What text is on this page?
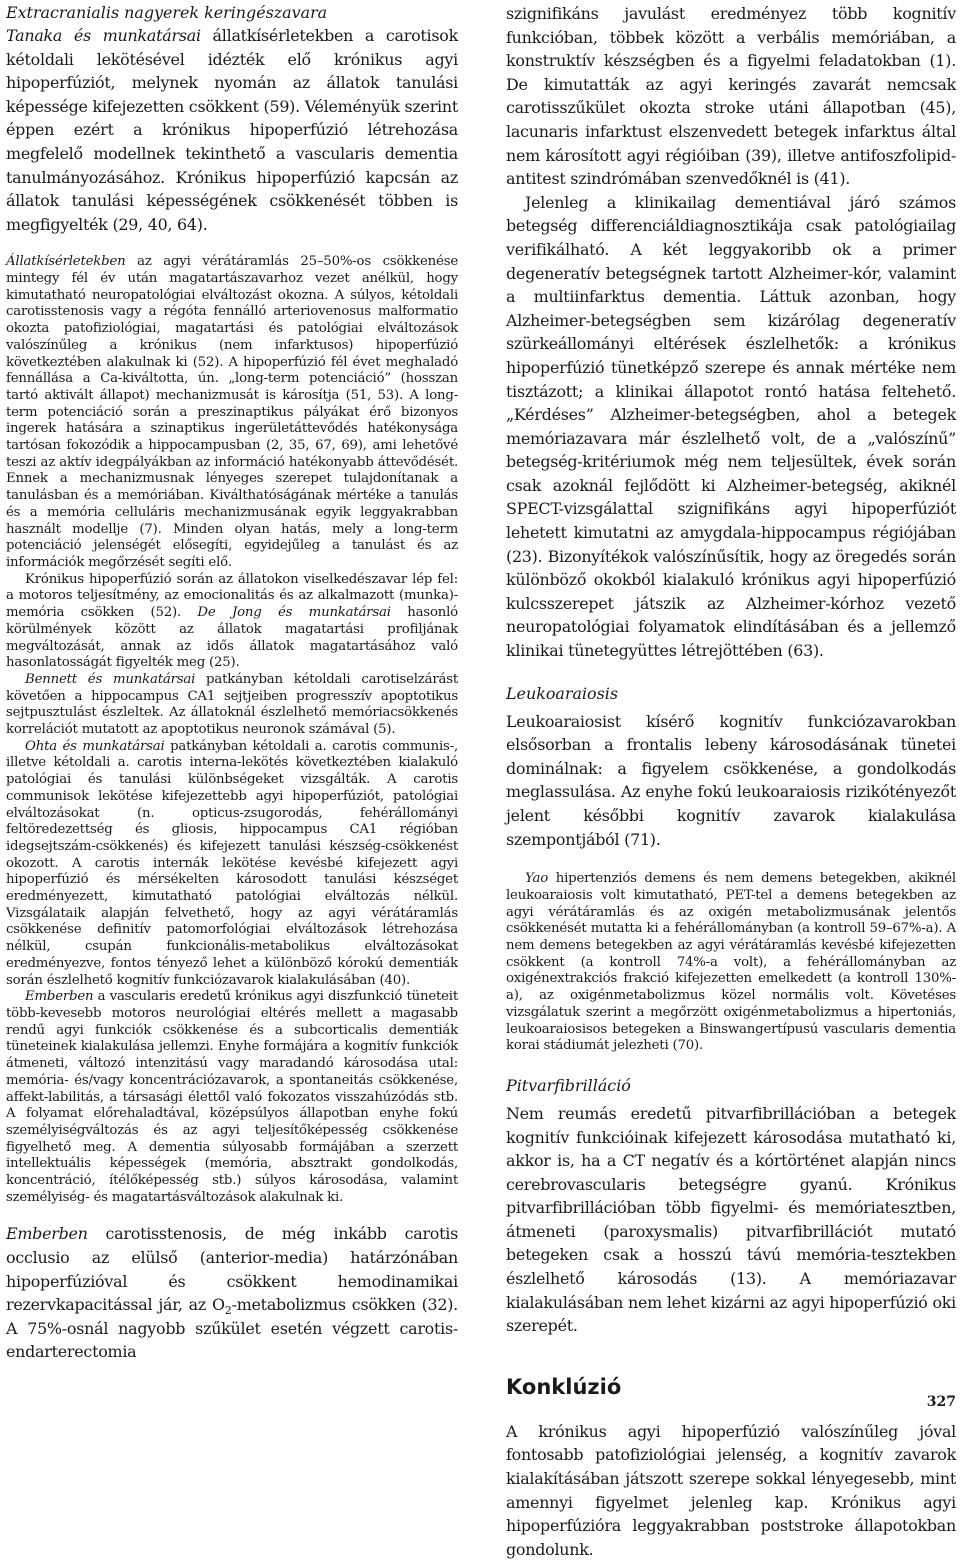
Extracranialis nagyerek keringészavara

Tanaka és munkatársai állatkísérletekben a carotisok kétoldali lekötésével idézték elő krónikus agyi hipoperfúziót, melynek nyomán az állatok tanulási képessége kifejezetten csökkent (59). Véleményük szerint éppen ezért a krónikus hipoperfúzió létrehozása megfelelő modellnek tekinthető a vascularis dementia tanulmányozásához. Krónikus hipoperfúzió kapcsán az állatok tanulási képességének csökkenését többen is megfigyelték (29, 40, 64).

Állatkísérletekben az agyi vérátáramlás 25–50%-os csökkenése mintegy fél év után magatartászavarhoz vezet anélkül, hogy kimutatható neuropatológiai elváltozást okozna. A súlyos, kétoldali carotisstenosis vagy a régóta fennálló arteriovenosus malformatio okozta patofiziológiai, magatartási és patológiai elváltozások valószínűleg a krónikus (nem infarktusos) hipoperfúzió következtében alakulnak ki (52). A hipoperfúzió fél évet meghaladó fennállása a Ca-kiváltotta, ún. „long-term potenciáció” (hosszan tartó aktivált állapot) mechanizmusát is károsítja (51, 53). A long-term potenciáció során a preszinaptikus pályákat érő bizonyos ingerek hatására a szinaptikus ingerületáttevődés hatékonysága tartósan fokozódik a hippocampusban (2, 35, 67, 69), ami lehetővé teszi az aktív idegpályákban az információ hatékonyabb áttevődését. Ennek a mechanizmusnak lényeges szerepet tulajdonítanak a tanulásban és a memóriában. Kiválthatóságának mértéke a tanulás és a memória celluláris mechanizmusának egyik leggyakrabban használt modellje (7). Minden olyan hatás, mely a long-term potenciáció jelenségét elősegíti, egyidejűleg a tanulást és az információk megőrzését segíti elő.

Krónikus hipoperfúzió során az állatokon viselkedészavar lép fel: a motoros teljesítmény, az emocionalitás és az alkalmazott (munka)-memória csökken (52). De Jong és munkatársai hasonló körülmények között az állatok magatartási profiljának megváltozását, annak az idős állatok magatartásához való hasonlatosságát figyelték meg (25).

Bennett és munkatársai patkányban kétoldali carotiselzárást követően a hippocampus CA1 sejtjeiben progresszív apoptotikus sejtpusztulást észleltek. Az állatoknál észlelhető memóriacsökkenés korrelációt mutatott az apoptotikus neuronok számával (5).

Ohta és munkatársai patkányban kétoldali a. carotis communis-, illetve kétoldali a. carotis interna-lekötés következtében kialakuló patológiai és tanulási különbségeket vizsgálták. A carotis communisok lekötése kifejezettebb agyi hipoperfúziót, patológiai elváltozásokat (n. opticus-zsugorodás, fehérállományi feltöredezettség és gliosis, hippocampus CA1 régióban idegsejtszám-csökkenés) és kifejezett tanulási készség-csökkenést okozott. A carotis internák lekötése kevésbé kifejezett agyi hipoperfúzió és mérsékelten károsodott tanulási készséget eredményezett, kimutatható patológiai elváltozás nélkül. Vizsgálataik alapján felvethető, hogy az agyi vérátáramlás csökkenése definitív patomorfológiai elváltozások létrehozása nélkül, csupán funkcionális-metabolikus elváltozásokat eredményezve, fontos tényező lehet a különböző kórokú dementiák során észlelhető kognitív funkciózavarok kialakulásában (40).

Emberben a vascularis eredetű krónikus agyi diszfunkció tüneteit több-kevesebb motoros neurológiai eltérés mellett a magasabb rendű agyi funkciók csökkenése és a subcorticalis dementiák tüneteinek kialakulása jellemzi. Enyhe formájára a kognitív funkciók átmeneti, változó intenzitású vagy maradandó károsodása utal: memória- és/vagy koncentrációzavarok, a spontaneitás csökkenése, affekt-labilitás, a társasági élettől való fokozatos visszahúzódás stb. A folyamat előrehaladtával, középsúlyos állapotban enyhe fokú személyiségváltozás és az agyi teljesítőképesség csökkenése figyelhető meg. A dementia súlyosabb formájában a szerzett intellektuális képességek (memória, absztrakt gondolkodás, koncentráció, ítélőképesség stb.) súlyos károsodása, valamint személyiség- és magatartásváltozások alakulnak ki.

Emberben carotisstenosis, de még inkább carotis occlusio az elülső (anterior-media) határzónában hipoperfúzióval és csökkent hemodinamikai rezervkapacitással jár, az $O_2$-metabolizmus csökken (32). A 75%-osnál nagyobb szűkület esetén végzett carotis-endarterectomia

szignifikáns javulást eredményez több kognitív funkcióban, többek között a verbális memóriában, a konstruktív készségben és a figyelmi feladatokban (1). De kimutatták az agyi keringés zavarát nemcsak carotisszűkület okozta stroke utáni állapotban (45), lacunaris infarktust elszenvedett betegek infarktus által nem károsított agyi régióiban (39), illetve antifoszfolipid-antitest szindrómában szenvedőknél is (41).

Jelenleg a klinikailag dementiával járó számos betegség differenciáldiagnosztikája csak patológiailag verifikálható. A két leggyakoribb ok a primer degeneratív betegségnek tartott Alzheimer-kór, valamint a multiinfarktus dementia. Láttuk azonban, hogy Alzheimer-betegségben sem kizárólag degeneratív szürkeállományi eltérések észlelhetők: a krónikus hipoperfúzió tünetképző szerepe és annak mértéke nem tisztázott; a klinikai állapotot rontó hatása feltehető. „Kérdéses” Alzheimer-betegségben, ahol a betegek memóriazavara már észlelhető volt, de a „valószínű” betegség-kritériumok még nem teljesültek, évek során csak azoknál fejlődött ki Alzheimer-betegség, akiknél SPECT-vizsgálattal szignifikáns agyi hipoperfúziót lehetett kimutatni az amygdala-hippocampus régiójában (23). Bizonyítékok valószínűsítik, hogy az öregedés során különböző okokból kialakuló krónikus agyi hipoperfúzió kulcsszerepet játszik az Alzheimer-kórhoz vezető neuropatológiai folyamatok elindításában és a jellemző klinikai tünetegyüttes létrejöttében (63).

Leukoaraiosis

Leukoaraiosist kísérő kognitív funkciózavarokban elsősorban a frontalis lebeny károsodásának tünetei dominálnak: a figyelem csökkenése, a gondolkodás meglassulása. Az enyhe fokú leukoaraiosis rizikótényezőt jelent későbbi kognitív zavarok kialakulása szempontjából (71).

Yao hipertenziós demens és nem demens betegekben, akiknél leukoaraiosis volt kimutatható, PET-tel a demens betegekben az agyi vérátáramlás és az oxigén metabolizmusának jelentős csökkenését mutatta ki a fehérállományban (a kontroll 59–67%-a). A nem demens betegekben az agyi vérátáramlás kevésbé kifejezetten csökkent (a kontroll 74%-a volt), a fehérállományban az oxigénextrakciós frakció kifejezetten emelkedett (a kontroll 130%-a), az oxigénmetabolizmus közel normális volt. Követéses vizsgálatuk szerint a megőrzött oxigénmetabolizmus a hipertoniás, leukoaraiosisos betegeken a Binswangertípusú vascularis dementia korai stádiumát jelezheti (70).

Pitvarfibrilláció

Nem reumás eredetű pitvarfibrillációban a betegek kognitív funkcióinak kifejezett károsodása mutatható ki, akkor is, ha a CT negatív és a kórtörténet alapján nincs cerebrovascularis betegségre gyanú. Krónikus pitvarfibrillációban több figyelmi- és memóriatesztben, átmeneti (paroxysmalis) pitvarfibrillációt mutató betegeken csak a hosszú távú memória-tesztekben észlelhető károsodás (13). A memóriazavar kialakulásában nem lehet kizárni az agyi hipoperfúzió oki szerepét.

Konklúzió

A krónikus agyi hipoperfúzió valószínűleg jóval fontosabb patofiziológiai jelenség, a kognitív zavarok kialakításában játszott szerepe sokkal lényegesebb, mint amennyi figyelmet jelenleg kap. Krónikus agyi hipoperfúzióra leggyakrabban poststroke állapotokban gondolunk.

327
